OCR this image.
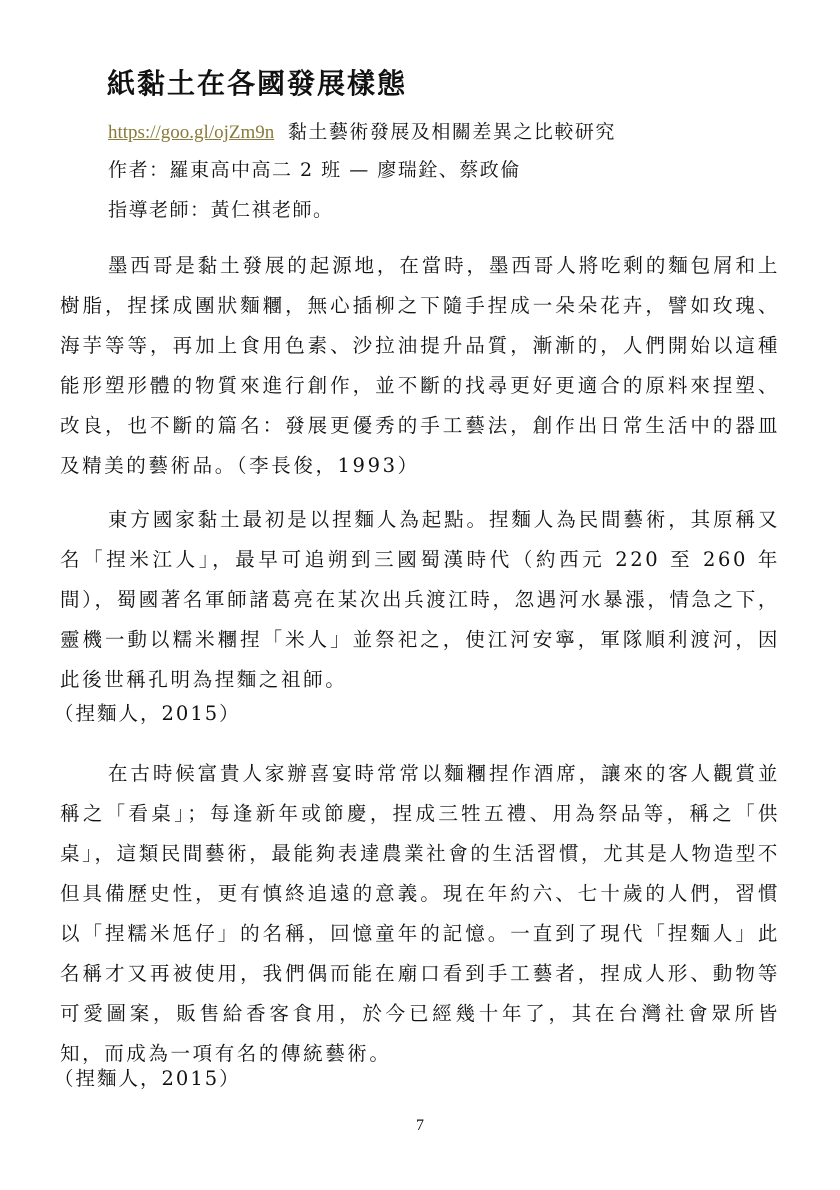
紙黏土在各國發展樣態
https://goo.gl/ojZm9n 黏土藝術發展及相關差異之比較研究
作者：羅東高中高二 2 班 — 廖瑞銓、蔡政倫
指導老師：黃仁祺老師。

墨西哥是黏土發展的起源地，在當時，墨西哥人將吃剩的麵包屑和上樹脂，捏揉成團狀麵糰，無心插柳之下隨手捏成一朵朵花卉，譬如玫瑰、海芋等等，再加上食用色素、沙拉油提升品質，漸漸的，人們開始以這種能形塑形體的物質來進行創作，並不斷的找尋更好更適合的原料來捏塑、改良，也不斷的篇名：發展更優秀的手工藝法，創作出日常生活中的器皿及精美的藝術品。（李長俊，1993）

東方國家黏土最初是以捏麵人為起點。捏麵人為民間藝術，其原稱又名「捏米江人」，最早可追朔到三國蜀漢時代（約西元 220 至 260 年間），蜀國著名軍師諸葛亮在某次出兵渡江時，忽遇河水暴漲，情急之下，靈機一動以糯米糰捏「米人」並祭祀之，使江河安寧，軍隊順利渡河，因此後世稱孔明為捏麵之祖師。

（捏麵人，2015）

在古時候富貴人家辦喜宴時常常以麵糰捏作酒席，讓來的客人觀賞並稱之「看桌」；每逢新年或節慶，捏成三牲五禮、用為祭品等，稱之「供桌」，這類民間藝術，最能夠表達農業社會的生活習慣，尤其是人物造型不但具備歷史性，更有慎終追遠的意義。現在年約六、七十歲的人們，習慣以「捏糯米尪仔」的名稱，回憶童年的記憶。一直到了現代「捏麵人」此名稱才又再被使用，我們偶而能在廟口看到手工藝者，捏成人形、動物等可愛圖案，販售給香客食用，於今已經幾十年了，其在台灣社會眾所皆知，而成為一項有名的傳統藝術。

（捏麵人，2015）
7
